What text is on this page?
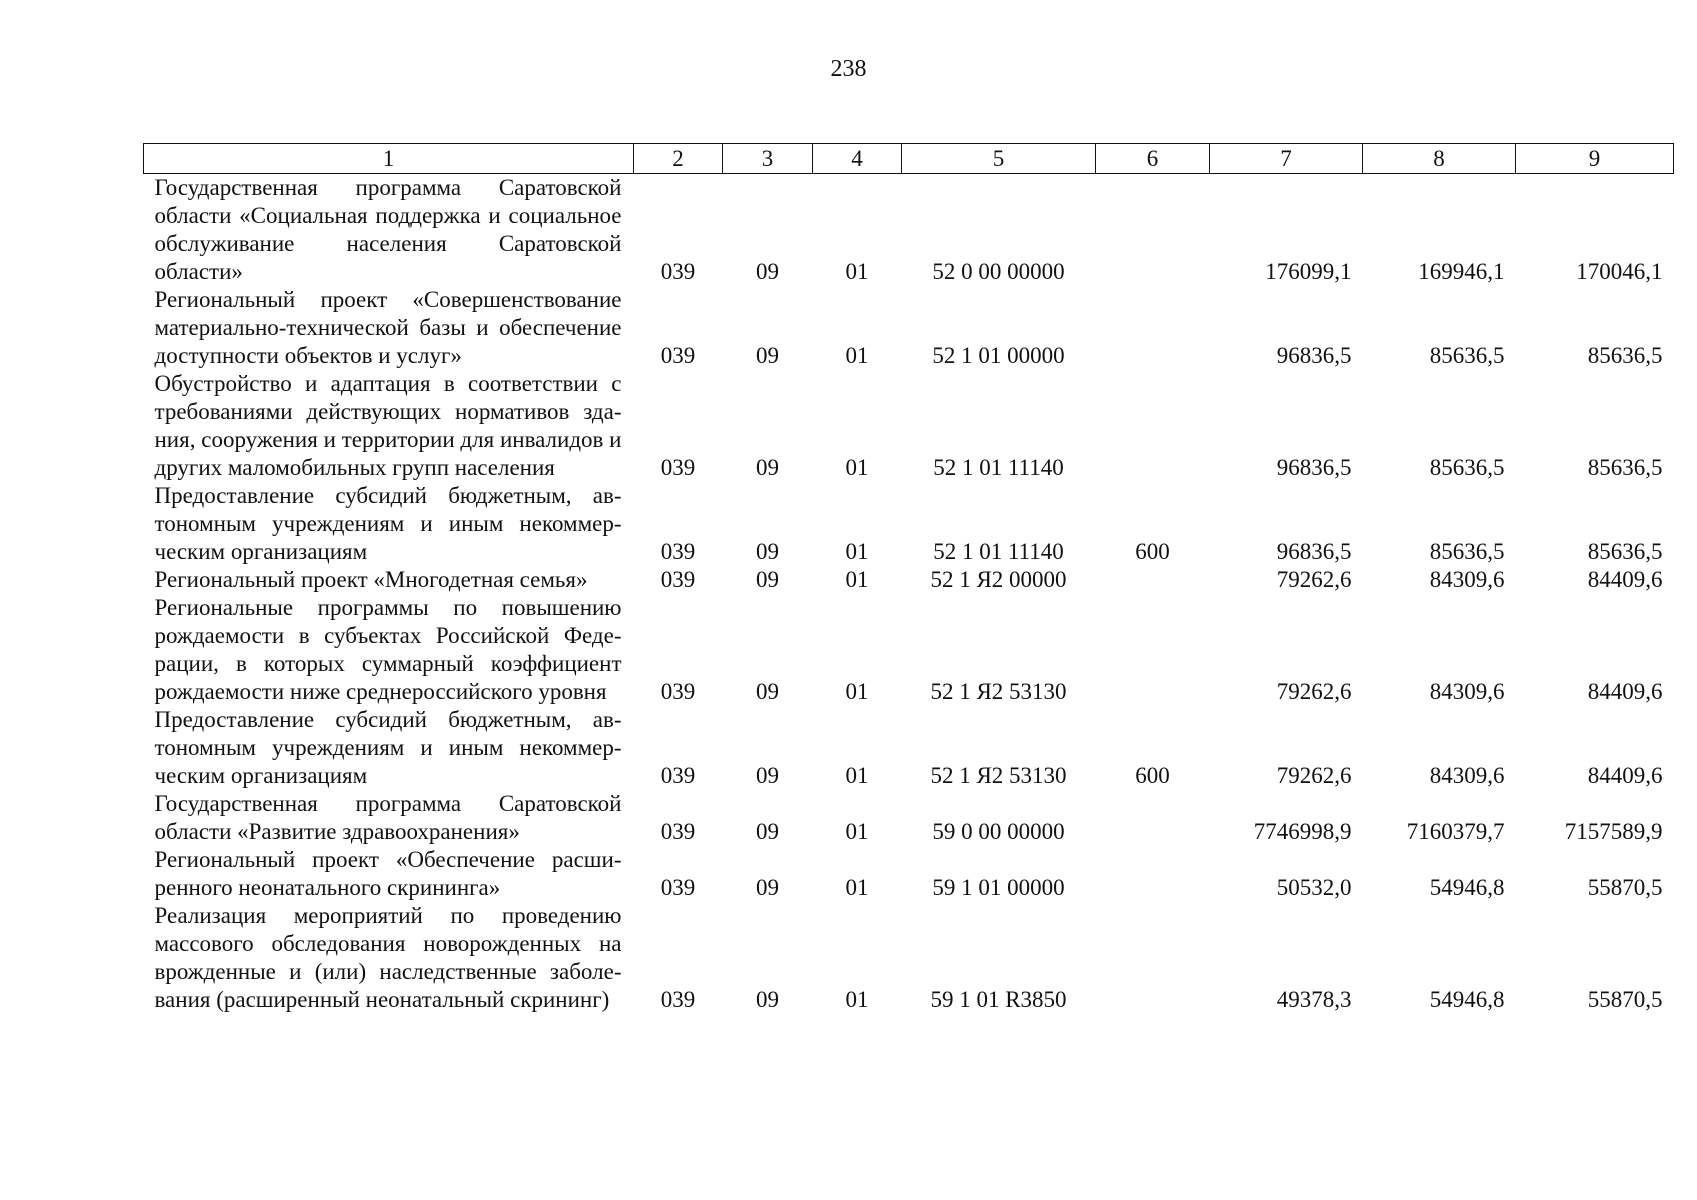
238
1	2	3	4	5	6	7	8	9
Государственная программа Саратовской области «Социальная поддержка и социальное обслуживание населения Саратовской области»	039	09	01	52 0 00 00000		176099,1	169946,1	170046,1
Региональный проект «Совершенствование материально-технической базы и обеспечение доступности объектов и услуг»	039	09	01	52 1 01 00000		96836,5	85636,5	85636,5
Обустройство и адаптация в соответствии с требованиями действующих нормативов здания, сооружения и территории для инвалидов и других маломобильных групп населения	039	09	01	52 1 01 11140		96836,5	85636,5	85636,5
Предоставление субсидий бюджетным, автономным учреждениям и иным некоммерческим организациям	039	09	01	52 1 01 11140	600	96836,5	85636,5	85636,5
Региональный проект «Многодетная семья»	039	09	01	52 1 Я2 00000		79262,6	84309,6	84409,6
Региональные программы по повышению рождаемости в субъектах Российской Федерации, в которых суммарный коэффициент рождаемости ниже среднероссийского уровня	039	09	01	52 1 Я2 53130		79262,6	84309,6	84409,6
Предоставление субсидий бюджетным, автономным учреждениям и иным некоммерческим организациям	039	09	01	52 1 Я2 53130	600	79262,6	84309,6	84409,6
Государственная программа Саратовской области «Развитие здравоохранения»	039	09	01	59 0 00 00000		7746998,9	7160379,7	7157589,9
Региональный проект «Обеспечение расширенного неонатального скрининга»	039	09	01	59 1 01 00000		50532,0	54946,8	55870,5
Реализация мероприятий по проведению массового обследования новорожденных на врожденные и (или) наследственные заболевания (расширенный неонатальный скрининг)	039	09	01	59 1 01 R3850		49378,3	54946,8	55870,5
